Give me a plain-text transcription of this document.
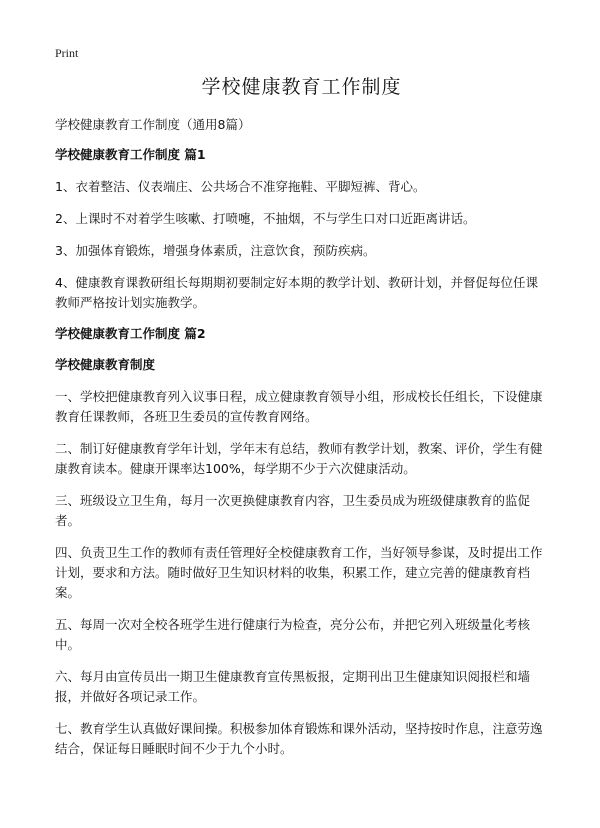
Print
学校健康教育工作制度

学校健康教育工作制度（通用8篇）

学校健康教育工作制度 篇1

1、衣着整洁、仪表端庄、公共场合不准穿拖鞋、平脚短裤、背心。

2、上课时不对着学生咳嗽、打喷嚏，不抽烟，不与学生口对口近距离讲话。

3、加强体育锻炼，增强身体素质，注意饮食，预防疾病。

4、健康教育课教研组长每期期初要制定好本期的教学计划、教研计划，并督促每位任课教师严格按计划实施教学。

学校健康教育工作制度 篇2

学校健康教育制度

一、学校把健康教育列入议事日程，成立健康教育领导小组，形成校长任组长，下设健康教育任课教师，各班卫生委员的宣传教育网络。

二、制订好健康教育学年计划，学年末有总结，教师有教学计划，教案、评价，学生有健康教育读本。健康开课率达100%，每学期不少于六次健康活动。

三、班级设立卫生角，每月一次更换健康教育内容，卫生委员成为班级健康教育的监促者。

四、负责卫生工作的教师有责任管理好全校健康教育工作，当好领导参谋，及时提出工作计划，要求和方法。随时做好卫生知识材料的收集，积累工作，建立完善的健康教育档案。

五、每周一次对全校各班学生进行健康行为检查，亮分公布，并把它列入班级量化考核中。

六、每月由宣传员出一期卫生健康教育宣传黑板报，定期刊出卫生健康知识阅报栏和墙报，并做好各项记录工作。

七、教育学生认真做好课间操。积极参加体育锻炼和课外活动，坚持按时作息，注意劳逸结合，保证每日睡眠时间不少于九个小时。
